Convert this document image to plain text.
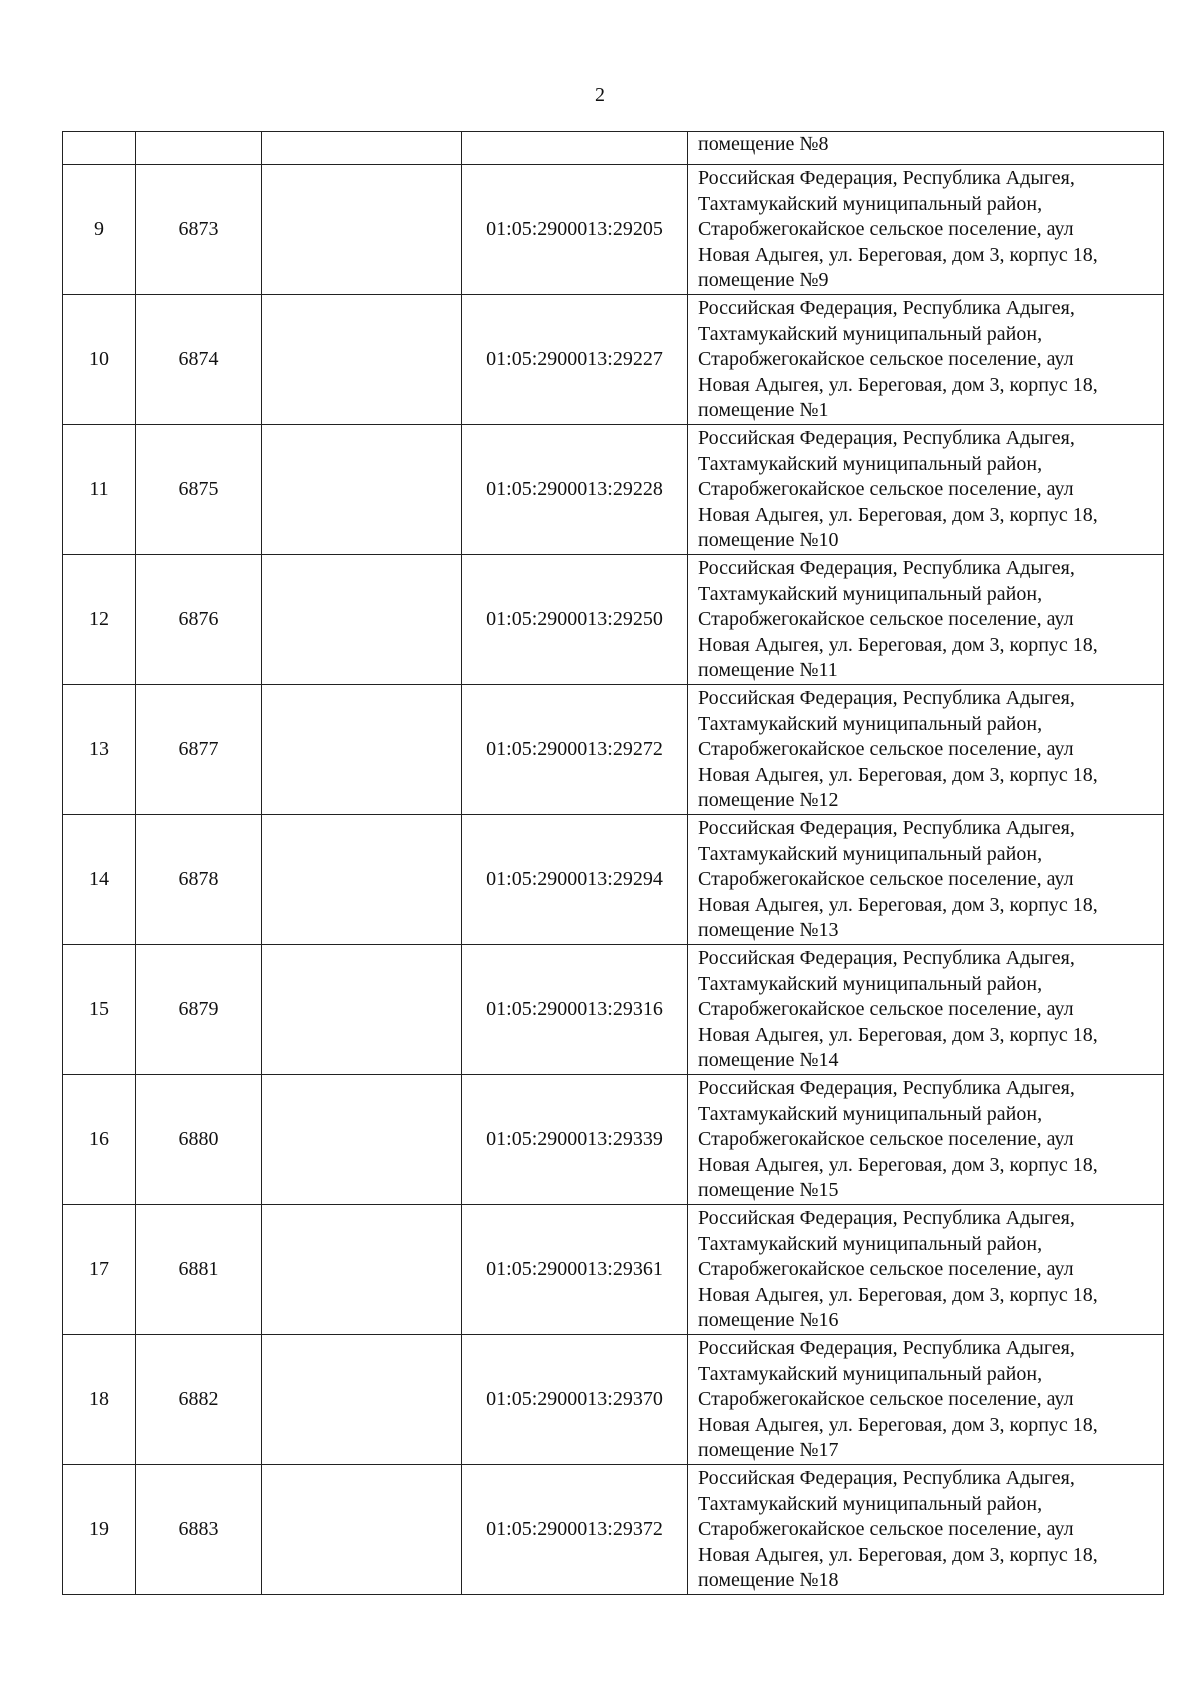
2
				помещение №8
9	6873		01:05:2900013:29205	Российская Федерация, Республика Адыгея,
Тахтамукайский муниципальный район,
Старобжегокайское сельское поселение, аул
Новая Адыгея, ул. Береговая, дом 3, корпус 18,
помещение №9

10	6874		01:05:2900013:29227	Российская Федерация, Республика Адыгея,
Тахтамукайский муниципальный район,
Старобжегокайское сельское поселение, аул
Новая Адыгея, ул. Береговая, дом 3, корпус 18,
помещение №1

11	6875		01:05:2900013:29228	Российская Федерация, Республика Адыгея,
Тахтамукайский муниципальный район,
Старобжегокайское сельское поселение, аул
Новая Адыгея, ул. Береговая, дом 3, корпус 18,
помещение №10

12	6876		01:05:2900013:29250	Российская Федерация, Республика Адыгея,
Тахтамукайский муниципальный район,
Старобжегокайское сельское поселение, аул
Новая Адыгея, ул. Береговая, дом 3, корпус 18,
помещение №11

13	6877		01:05:2900013:29272	Российская Федерация, Республика Адыгея,
Тахтамукайский муниципальный район,
Старобжегокайское сельское поселение, аул
Новая Адыгея, ул. Береговая, дом 3, корпус 18,
помещение №12

14	6878		01:05:2900013:29294	Российская Федерация, Республика Адыгея,
Тахтамукайский муниципальный район,
Старобжегокайское сельское поселение, аул
Новая Адыгея, ул. Береговая, дом 3, корпус 18,
помещение №13

15	6879		01:05:2900013:29316	Российская Федерация, Республика Адыгея,
Тахтамукайский муниципальный район,
Старобжегокайское сельское поселение, аул
Новая Адыгея, ул. Береговая, дом 3, корпус 18,
помещение №14

16	6880		01:05:2900013:29339	Российская Федерация, Республика Адыгея,
Тахтамукайский муниципальный район,
Старобжегокайское сельское поселение, аул
Новая Адыгея, ул. Береговая, дом 3, корпус 18,
помещение №15

17	6881		01:05:2900013:29361	Российская Федерация, Республика Адыгея,
Тахтамукайский муниципальный район,
Старобжегокайское сельское поселение, аул
Новая Адыгея, ул. Береговая, дом 3, корпус 18,
помещение №16

18	6882		01:05:2900013:29370	Российская Федерация, Республика Адыгея,
Тахтамукайский муниципальный район,
Старобжегокайское сельское поселение, аул
Новая Адыгея, ул. Береговая, дом 3, корпус 18,
помещение №17

19	6883		01:05:2900013:29372	Российская Федерация, Республика Адыгея,
Тахтамукайский муниципальный район,
Старобжегокайское сельское поселение, аул
Новая Адыгея, ул. Береговая, дом 3, корпус 18,
помещение №18
